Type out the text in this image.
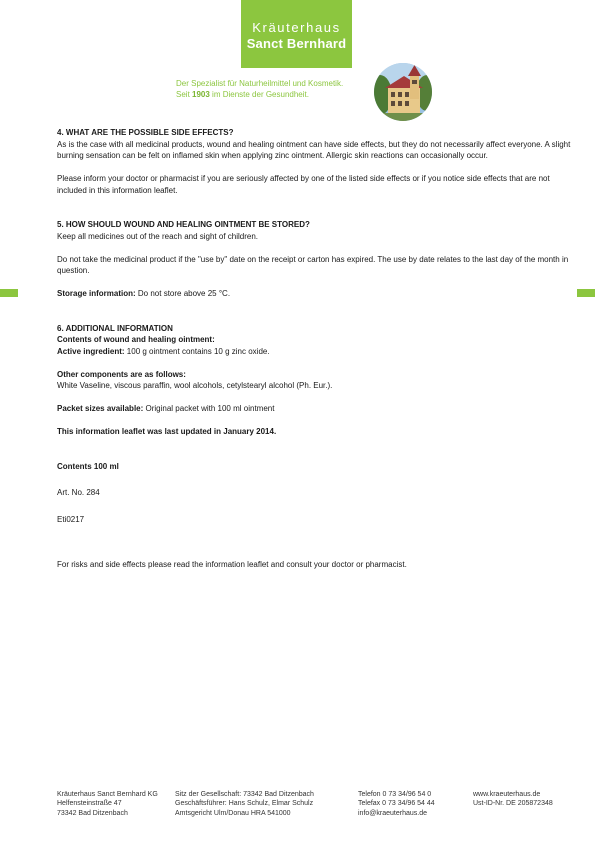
Kräuterhaus
Sanct Bernhard
Der Spezialist für Naturheilmittel und Kosmetik.
Seit 1903 im Dienste der Gesundheit.

4. WHAT ARE THE POSSIBLE SIDE EFFECTS?

As is the case with all medicinal products, wound and healing ointment can have side effects, but they do not necessarily affect everyone. A slight burning sensation can be felt on inflamed skin when applying zinc ointment. Allergic skin reactions can occasionally occur.

Please inform your doctor or pharmacist if you are seriously affected by one of the listed side effects or if you notice side effects that are not included in this information leaflet.

5. HOW SHOULD WOUND AND HEALING OINTMENT BE STORED?

Keep all medicines out of the reach and sight of children.

Do not take the medicinal product if the "use by" date on the receipt or carton has expired. The use by date relates to the last day of the month in question.

Storage information: Do not store above 25 °C.

6. ADDITIONAL INFORMATION

Contents of wound and healing ointment:

Active ingredient: 100 g ointment contains 10 g zinc oxide.

Other components are as follows:

White Vaseline, viscous paraffin, wool alcohols, cetylstearyl alcohol (Ph. Eur.).

Packet sizes available: Original packet with 100 ml ointment

This information leaflet was last updated in January 2014.

Contents 100 ml

Art. No. 284

Eti0217

For risks and side effects please read the information leaflet and consult your doctor or pharmacist.

Kräuterhaus Sanct Bernhard KG
Helfensteinstraße 47
73342 Bad Ditzenbach
Sitz der Gesellschaft: 73342 Bad Ditzenbach
Geschäftsführer: Hans Schulz, Elmar Schulz
Amtsgericht Ulm/Donau HRA 541000
Telefon 0 73 34/96 54 0
Telefax 0 73 34/96 54 44
info@kraeuterhaus.de
www.kraeuterhaus.de
Ust-ID-Nr. DE 205872348
